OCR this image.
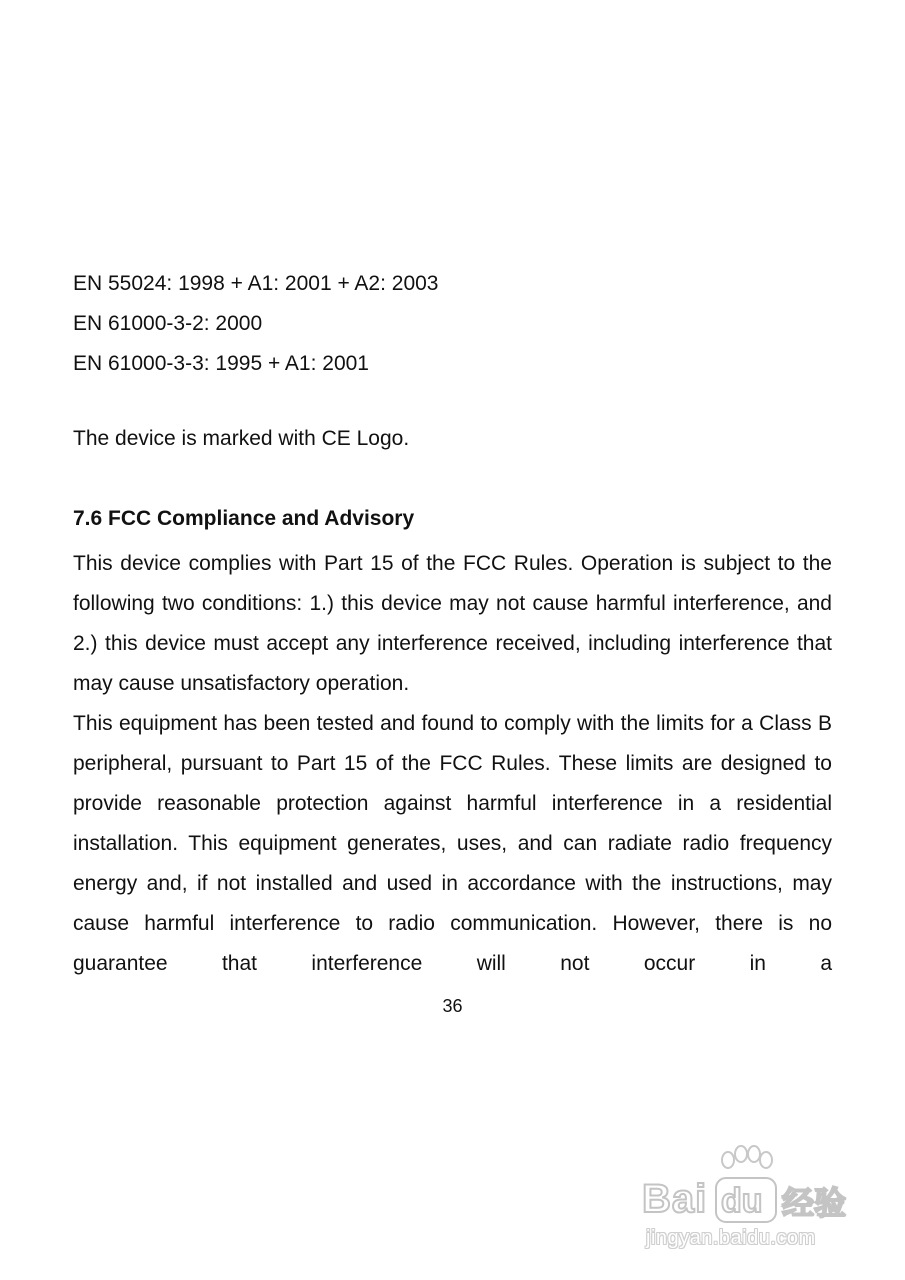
EN 55024: 1998 + A1: 2001 + A2: 2003
EN 61000-3-2: 2000
EN 61000-3-3: 1995 + A1: 2001
The device is marked with CE Logo.
7.6 FCC Compliance and Advisory

This device complies with Part 15 of the FCC Rules. Operation is subject to the following two conditions: 1.) this device may not cause harmful interference, and 2.) this device must accept any interference received, including interference that may cause unsatisfactory operation.

This equipment has been tested and found to comply with the limits for a Class B peripheral, pursuant to Part 15 of the FCC Rules. These limits are designed to provide reasonable protection against harmful interference in a residential installation. This equipment generates, uses, and can radiate radio frequency energy and, if not installed and used in accordance with the instructions, may cause harmful interference to radio communication. However, there is no guarantee that interference will not occur in a

36
Bai du 经验
jingyan.baidu.com
